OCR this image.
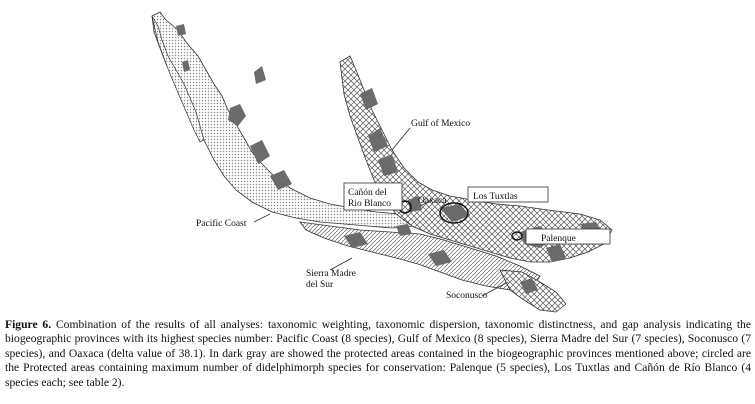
Gulf of Mexico
Cañón del
Rio Blanco	Oaxaca	Los Tuxtlas
Palenque
Pacific Coast
Sierra Madre
del Sur
Soconusco

Figure 6. Combination of the results of all analyses: taxonomic weighting, taxonomic dispersion, taxonomic distinctness, and gap analysis indicating the biogeographic provinces with its highest species number: Pacific Coast (8 species), Gulf of Mexico (8 species), Sierra Madre del Sur (7 species), Soconusco (7 species), and Oaxaca (delta value of 38.1). In dark gray are showed the protected areas contained in the biogeographic provinces mentioned above; circled are the Protected areas containing maximum number of didelphimorph species for conservation: Palenque (5 species), Los Tuxtlas and Cañón de Río Blanco (4 species each; see table 2).
